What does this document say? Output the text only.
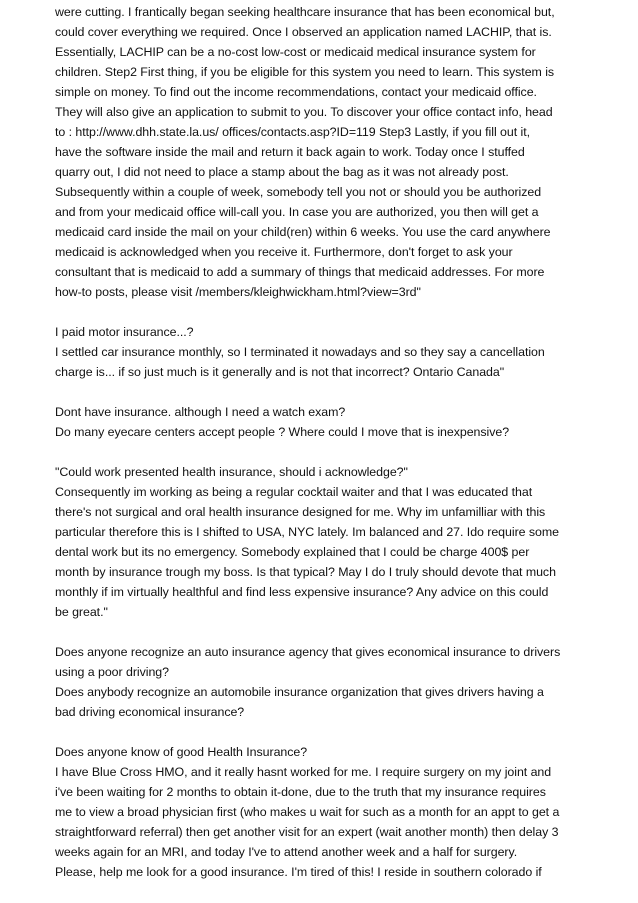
were cutting. I frantically began seeking healthcare insurance that has been economical but,

could cover everything we required. Once I observed an application named LACHIP, that is.

Essentially, LACHIP can be a no-cost low-cost or medicaid medical insurance system for

children. Step2 First thing, if you be eligible for this system you need to learn. This system is

simple on money. To find out the income recommendations, contact your medicaid office.

They will also give an application to submit to you. To discover your office contact info, head

to : http://www.dhh.state.la.us/ offices/contacts.asp?ID=119 Step3 Lastly, if you fill out it,

have the software inside the mail and return it back again to work. Today once I stuffed

quarry out, I did not need to place a stamp about the bag as it was not already post.

Subsequently within a couple of week, somebody tell you not or should you be authorized

and from your medicaid office will-call you. In case you are authorized, you then will get a

medicaid card inside the mail on your child(ren) within 6 weeks. You use the card anywhere

medicaid is acknowledged when you receive it. Furthermore, don't forget to ask your

consultant that is medicaid to add a summary of things that medicaid addresses. For more

how-to posts, please visit /members/kleighwickham.html?view=3rd"

I paid motor insurance...?

I settled car insurance monthly, so I terminated it nowadays and so they say a cancellation

charge is... if so just much is it generally and is not that incorrect? Ontario Canada"

Dont have insurance. although I need a watch exam?

Do many eyecare centers accept people ? Where could I move that is inexpensive?

"Could work presented health insurance, should i acknowledge?"

Consequently im working as being a regular cocktail waiter and that I was educated that

there's not surgical and oral health insurance designed for me. Why im unfamilliar with this

particular therefore this is I shifted to USA, NYC lately. Im balanced and 27. Ido require some

dental work but its no emergency. Somebody explained that I could be charge 400$ per

month by insurance trough my boss. Is that typical? May I do I truly should devote that much

monthly if im virtually healthful and find less expensive insurance? Any advice on this could

be great."

Does anyone recognize an auto insurance agency that gives economical insurance to drivers

using a poor driving?

Does anybody recognize an automobile insurance organization that gives drivers having a

bad driving economical insurance?

Does anyone know of good Health Insurance?

I have Blue Cross HMO, and it really hasnt worked for me. I require surgery on my joint and

i've been waiting for 2 months to obtain it-done, due to the truth that my insurance requires

me to view a broad physician first (who makes u wait for such as a month for an appt to get a

straightforward referral) then get another visit for an expert (wait another month) then delay 3

weeks again for an MRI, and today I've to attend another week and a half for surgery.

Please, help me look for a good insurance. I'm tired of this! I reside in southern colorado if
